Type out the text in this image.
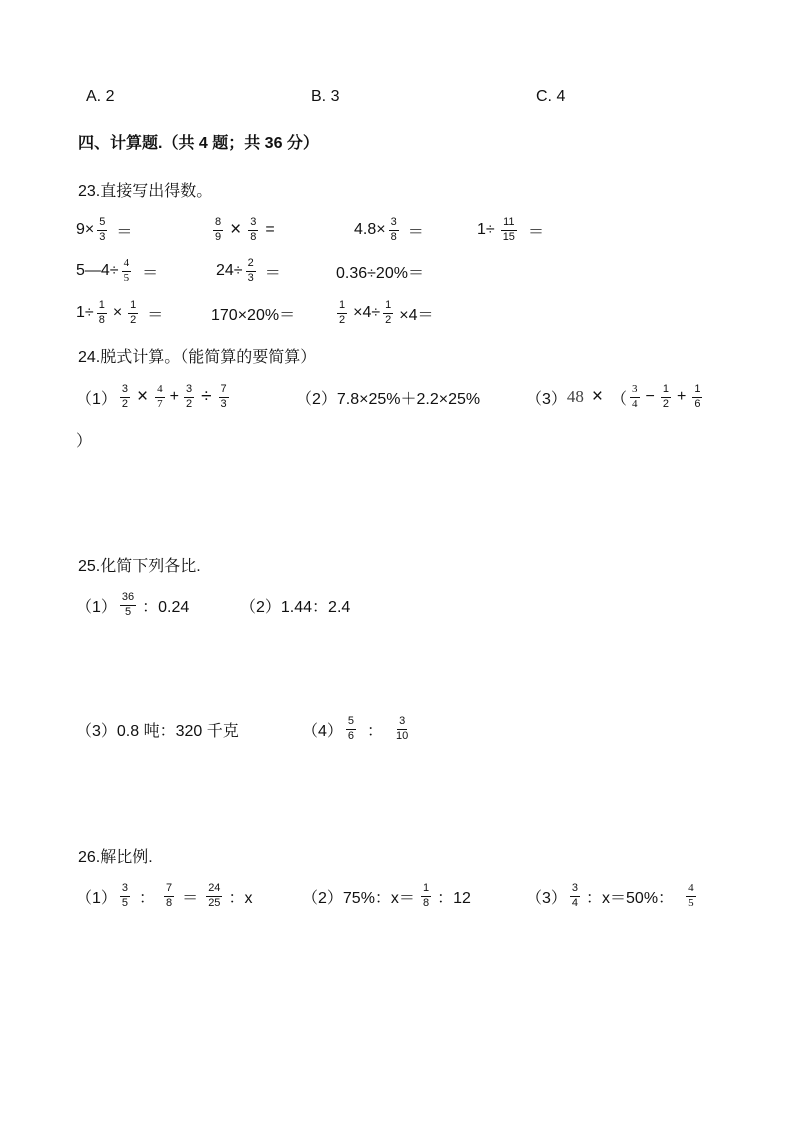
A. 2	B. 3	C. 4
四、计算题.（共 4 题；共 36 分）
23.直接写出得数。
$9\times \frac{5}{3}$ ＝	$\frac{8}{9} \times \frac{3}{8}$ =	$4.8\times \frac{3}{8}$ ＝	$1\div \frac{11}{15}$ ＝
5—4÷ $\frac{4}{5}$ ＝	$24\div \frac{2}{3}$ ＝	0.36÷20%＝
$1\div \frac{1}{8} \times \frac{1}{2}$ ＝	170×20%＝	$\frac{1}{2} \times 4\div \frac{1}{2} \times 4=$
24.脱式计算。（能简算的要简算）
$(1) \frac{3}{2} \times \frac{4}{7} + \frac{3}{2} \div \frac{7}{3}$	（2） 7.8×25%＋2.2×25%	（3） 48 × （ $\frac{3}{4} - \frac{1}{2} + \frac{1}{6}$
）
25.化简下列各比.
$(1) \frac{36}{5}$ ：0.24	（2） 1.44：2.4
（3） 0.8 吨：320 千克	$(4) \frac{5}{6}$ ： $\frac{3}{10}$
26.解比例.
$(1) \frac{3}{5}$ ： $\frac{7}{8} = \frac{24}{25}$ ：x	（2） 75%：$x= \frac{1}{8}$ ：12	$(3) \frac{3}{4}$ ：x＝50%： $\frac{4}{5}$
